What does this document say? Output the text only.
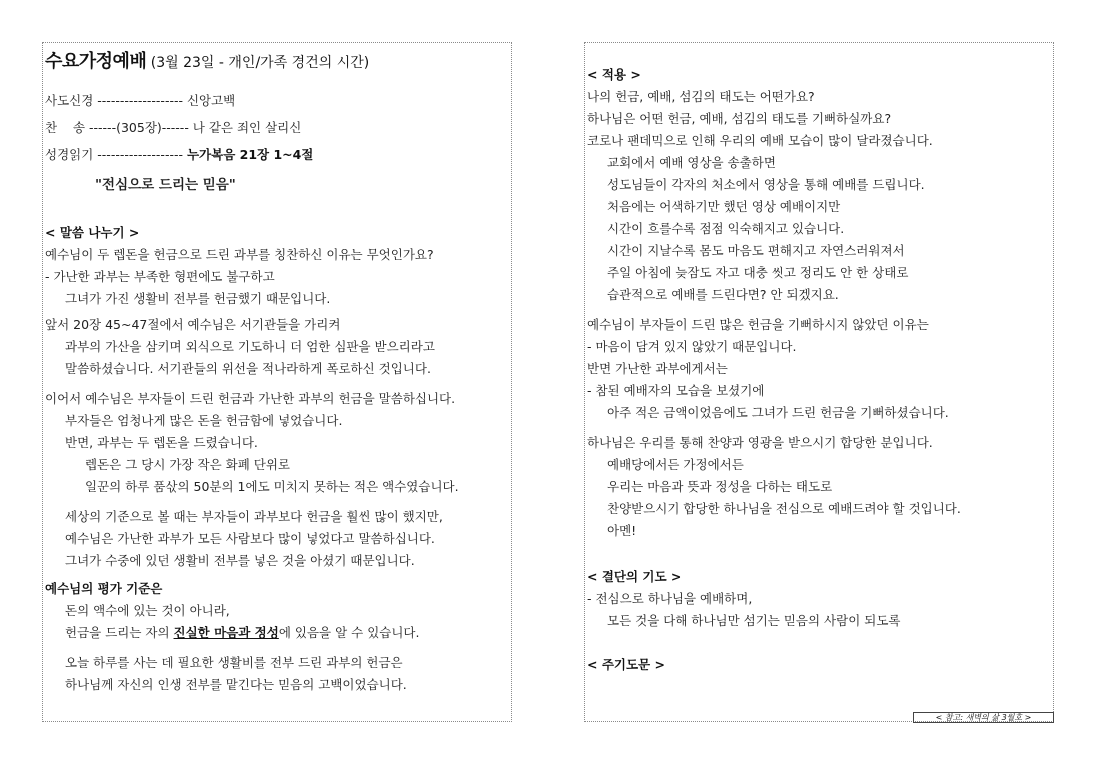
수요가정예배 (3월 23일 - 개인/가족 경건의 시간)
사도신경 ------------------- 신앙고백
찬    송 ------(305장)------ 나 같은 죄인 살리신
성경읽기 ------------------- 누가복음 21장 1~4절
"전심으로 드리는 믿음"
< 말씀 나누기 >
예수님이 두 렙돈을 헌금으로 드린 과부를 칭찬하신 이유는 무엇인가요?
- 가난한 과부는 부족한 형편에도 불구하고
그녀가 가진 생활비 전부를 헌금했기 때문입니다.
앞서 20장 45~47절에서 예수님은 서기관들을 가리켜
과부의 가산을 삼키며 외식으로 기도하니 더 엄한 심판을 받으리라고
말씀하셨습니다. 서기관들의 위선을 적나라하게 폭로하신 것입니다.
이어서 예수님은 부자들이 드린 헌금과 가난한 과부의 헌금을 말씀하십니다.
부자들은 엄청나게 많은 돈을 헌금함에 넣었습니다.
반면, 과부는 두 렙돈을 드렸습니다.
렙돈은 그 당시 가장 작은 화폐 단위로
일꾼의 하루 품삯의 50분의 1에도 미치지 못하는 적은 액수였습니다.
세상의 기준으로 볼 때는 부자들이 과부보다 헌금을 훨씬 많이 했지만,
예수님은 가난한 과부가 모든 사람보다 많이 넣었다고 말씀하십니다.
그녀가 수중에 있던 생활비 전부를 넣은 것을 아셨기 때문입니다.
예수님의 평가 기준은
돈의 액수에 있는 것이 아니라,
헌금을 드리는 자의 진실한 마음과 정성에 있음을 알 수 있습니다.
오늘 하루를 사는 데 필요한 생활비를 전부 드린 과부의 헌금은
하나님께 자신의 인생 전부를 맡긴다는 믿음의 고백이었습니다.
< 적용 >
나의 헌금, 예배, 섬김의 태도는 어떤가요?
하나님은 어떤 헌금, 예배, 섬김의 태도를 기뻐하실까요?
코로나 팬데믹으로 인해 우리의 예배 모습이 많이 달라졌습니다.
교회에서 예배 영상을 송출하면
성도님들이 각자의 처소에서 영상을 통해 예배를 드립니다.
처음에는 어색하기만 했던 영상 예배이지만
시간이 흐를수록 점점 익숙해지고 있습니다.
시간이 지날수록 몸도 마음도 편해지고 자연스러워져서
주일 아침에 늦잠도 자고 대충 씻고 정리도 안 한 상태로
습관적으로 예배를 드린다면? 안 되겠지요.
예수님이 부자들이 드린 많은 헌금을 기뻐하시지 않았던 이유는
- 마음이 담겨 있지 않았기 때문입니다.
반면 가난한 과부에게서는
- 참된 예배자의 모습을 보셨기에
아주 적은 금액이었음에도 그녀가 드린 헌금을 기뻐하셨습니다.
하나님은 우리를 통해 찬양과 영광을 받으시기 합당한 분입니다.
예배당에서든 가정에서든
우리는 마음과 뜻과 정성을 다하는 태도로
찬양받으시기 합당한 하나님을 전심으로 예배드려야 할 것입니다.
아멘!
< 결단의 기도 >
- 전심으로 하나님을 예배하며,
모든 것을 다해 하나님만 섬기는 믿음의 사람이 되도록
< 주기도문 >
< 참고: 새벽의 삶 3월호 >
